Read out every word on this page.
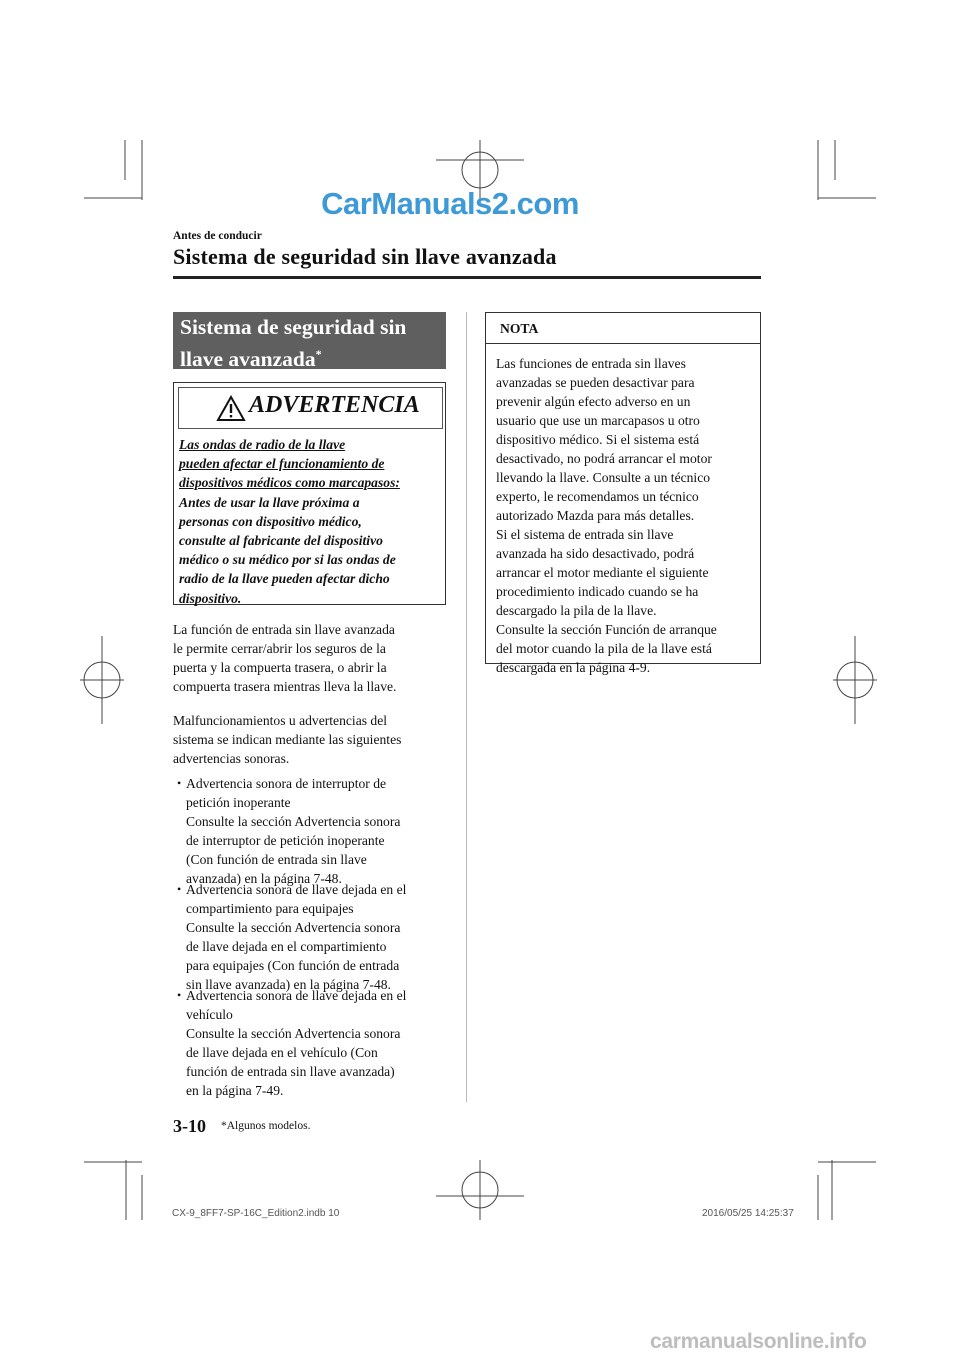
CarManuals2.com
Antes de conducir
Sistema de seguridad sin llave avanzada
Sistema de seguridad sin
llave avanzada*
ADVERTENCIA
Las ondas de radio de la llave
pueden afectar el funcionamiento de
dispositivos médicos como marcapasos:
Antes de usar la llave próxima a
personas con dispositivo médico,
consulte al fabricante del dispositivo
médico o su médico por si las ondas de
radio de la llave pueden afectar dicho
dispositivo.
La función de entrada sin llave avanzada
le permite cerrar/abrir los seguros de la
puerta y la compuerta trasera, o abrir la
compuerta trasera mientras lleva la llave.
Malfuncionamientos u advertencias del
sistema se indican mediante las siguientes
advertencias sonoras.
• Advertencia sonora de interruptor de
petición inoperante
Consulte la sección Advertencia sonora
de interruptor de petición inoperante
(Con función de entrada sin llave
avanzada) en la página 7-48.
• Advertencia sonora de llave dejada en el
compartimiento para equipajes
Consulte la sección Advertencia sonora
de llave dejada en el compartimiento
para equipajes (Con función de entrada
sin llave avanzada) en la página 7-48.
• Advertencia sonora de llave dejada en el
vehículo
Consulte la sección Advertencia sonora
de llave dejada en el vehículo (Con
función de entrada sin llave avanzada)
en la página 7-49.
NOTA
Las funciones de entrada sin llaves
avanzadas se pueden desactivar para
prevenir algún efecto adverso en un
usuario que use un marcapasos u otro
dispositivo médico. Si el sistema está
desactivado, no podrá arrancar el motor
llevando la llave. Consulte a un técnico
experto, le recomendamos un técnico
autorizado Mazda para más detalles.
Si el sistema de entrada sin llave
avanzada ha sido desactivado, podrá
arrancar el motor mediante el siguiente
procedimiento indicado cuando se ha
descargado la pila de la llave.
Consulte la sección Función de arranque
del motor cuando la pila de la llave está
descargada en la página 4-9.
3-10 *Algunos modelos.
CX-9_8FF7-SP-16C_Edition2.indb 10	2016/05/25 14:25:37
carmanualsonline.info
